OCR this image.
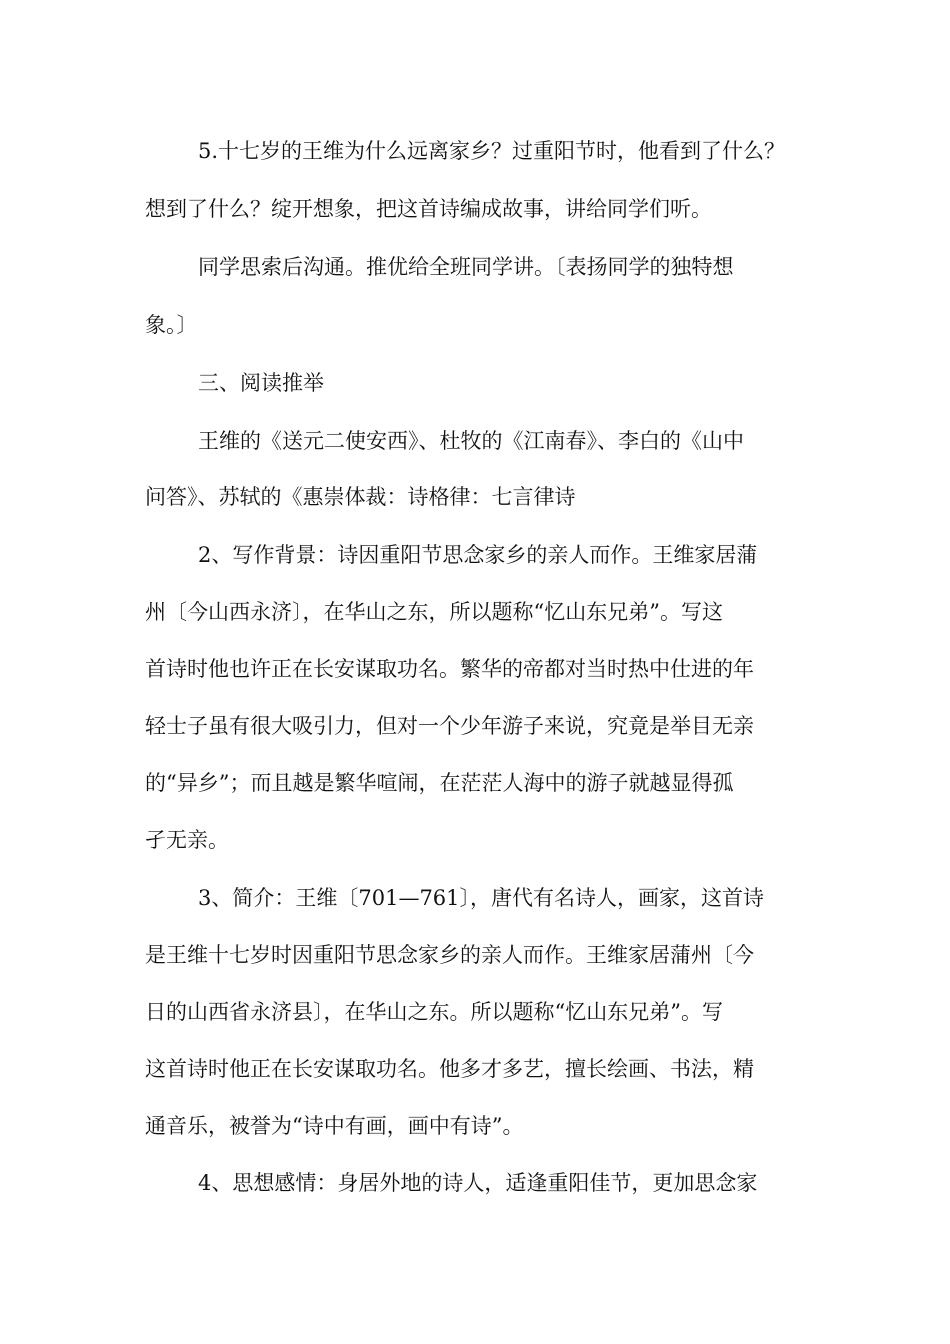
5.十七岁的王维为什么远离家乡？过重阳节时，他看到了什么？
想到了什么？绽开想象，把这首诗编成故事，讲给同学们听。
同学思索后沟通。推优给全班同学讲。〔表扬同学的独特想
象。〕
三、阅读推举
王维的《送元二使安西》、杜牧的《江南春》、李白的《山中
问答》、苏轼的《惠崇体裁：诗格律：七言律诗
2、写作背景：诗因重阳节思念家乡的亲人而作。王维家居蒲
州〔今山西永济〕，在华山之东，所以题称“忆山东兄弟”。写这
首诗时他也许正在长安谋取功名。繁华的帝都对当时热中仕进的年
轻士子虽有很大吸引力，但对一个少年游子来说，究竟是举目无亲
的“异乡”；而且越是繁华喧闹，在茫茫人海中的游子就越显得孤
孑无亲。
3、简介：王维〔701—761〕，唐代有名诗人，画家，这首诗
是王维十七岁时因重阳节思念家乡的亲人而作。王维家居蒲州〔今
日的山西省永济县〕，在华山之东。所以题称“忆山东兄弟”。写
这首诗时他正在长安谋取功名。他多才多艺，擅长绘画、书法，精
通音乐，被誉为“诗中有画，画中有诗”。
4、思想感情：身居外地的诗人，适逢重阳佳节，更加思念家
